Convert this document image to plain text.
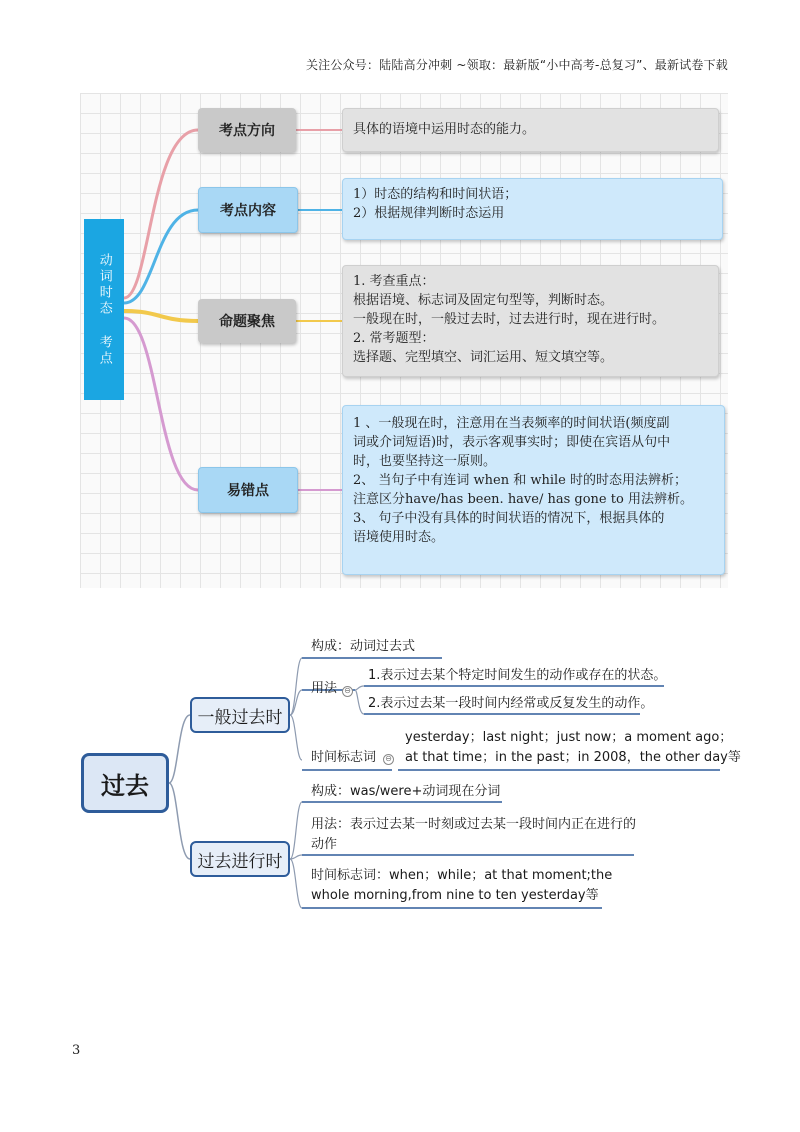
关注公众号：陆陆高分冲刺 ~领取：最新版“小中高考-总复习”、最新试卷下载
动词时态 考点
考点方向
考点内容
命题聚焦
易错点
具体的语境中运用时态的能力。
1）时态的结构和时间状语；
2）根据规律判断时态运用
1. 考查重点：
根据语境、标志词及固定句型等，判断时态。
一般现在时，一般过去时，过去进行时，现在进行时。
2. 常考题型：
选择题、完型填空、词汇运用、短文填空等。
1 、一般现在时，注意用在当表频率的时间状语(频度副
词或介词短语)时，表示客观事实时；即使在宾语从句中
时，也要坚持这一原则。
2、 当句子中有连词 when 和 while 时的时态用法辨析；
注意区分have/has been. have/ has gone to 用法辨析。
3、 句子中没有具体的时间状语的情况下，根据具体的
语境使用时态。
过去
一般过去时
过去进行时
构成：动词过去式
用法 ⊖
1.表示过去某个特定时间发生的动作或存在的状态。
2.表示过去某一段时间内经常或反复发生的动作。
时间标志词 ⊖
yesterday；last night；just now；a moment ago；
at that time；in the past；in 2008，the other day等
构成：was/were+动词现在分词
用法：表示过去某一时刻或过去某一段时间内正在进行的
动作
时间标志词：when；while；at that moment;the
whole morning,from nine to ten yesterday等
3
